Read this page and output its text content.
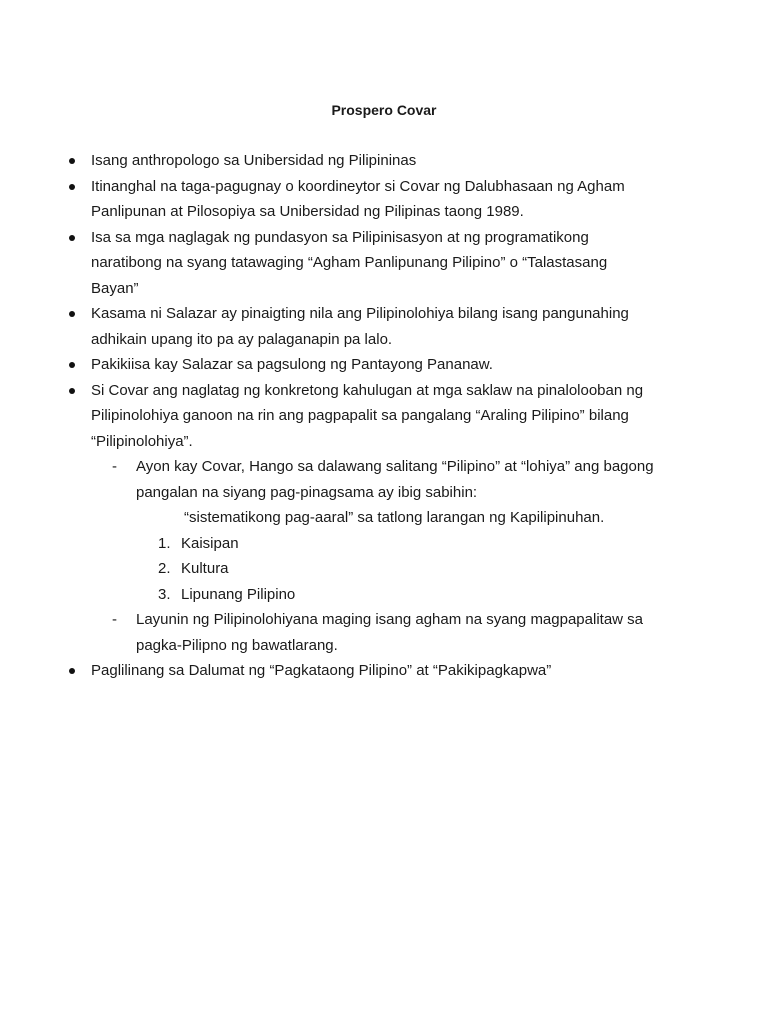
Prospero Covar
Isang anthropologo sa Unibersidad ng Pilipininas
Itinanghal na taga-pagugnay o koordineytor si Covar ng Dalubhasaan ng Agham
Panlipunan at Pilosopiya sa Unibersidad ng Pilipinas taong 1989.
Isa sa mga naglagak ng pundasyon sa Pilipinisasyon at ng programatikong
naratibong na syang tatawaging “Agham Panlipunang Pilipino” o “Talastasang
Bayan”
Kasama ni Salazar ay pinaigting nila ang Pilipinolohiya bilang isang pangunahing
adhikain upang ito pa ay palaganapin pa lalo.
Pakikiisa kay Salazar sa pagsulong ng Pantayong Pananaw.
Si Covar ang naglatag ng konkretong kahulugan at mga saklaw na pinalolooban ng
Pilipinolohiya ganoon na rin ang pagpapalit sa pangalang “Araling Pilipino” bilang
“Pilipinolohiya”.
- Ayon kay Covar, Hango sa dalawang salitang “Pilipino” at “lohiya” ang bagong
pangalan na siyang pag-pinagsama ay ibig sabihin:
“sistematikong pag-aaral” sa tatlong larangan ng Kapilipinuhan.
1. Kaisipan
2. Kultura
3. Lipunang Pilipino
- Layunin ng Pilipinolohiyana maging isang agham na syang magpapalitaw sa
pagka-Pilipno ng bawatlarang.
Paglilinang sa Dalumat ng “Pagkataong Pilipino” at “Pakikipagkapwa”
